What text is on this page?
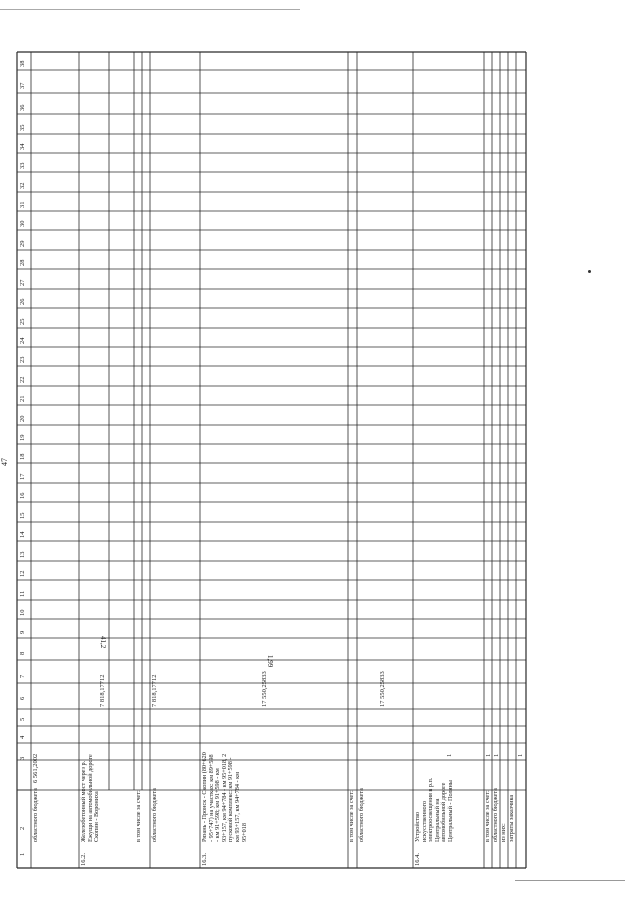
47
1
2
3
4
5
6
7
8
9
10
11
12
13
14
15
16
17
18
19
20
21
22
23
24
25
26
27
28
29
30
31
32
33
34
35
36
37
38
областного бюджета
6 561,2002
16.2.
Железобетонный мост через р. Ежущи на автомобильной дороге Скопин - Ворониха
7 818,17712
41,2
в том числе за счет: областного бюджета
7 818,17712
16.3.
Рязань - Пронск - Скопин (80+620 - 95+747) на участках: км 89+598 - км 91+598; км 91+598 - км 93+157, км 94+784 - км 95+018, 2 пусковой комплекс: км 91+598 - км 93+157, км 94+784 - км 95+018
17 550,25833
1,99
в том числе за счет: областного бюджета
17 550,25833
16.4.
Устройство искусственного электроосвещения в р.п. Центральный на автомобильной дороге Центральный - Поляны
1
в том числе за счет:
1
областного бюджета
1
из них: затраты заказчика
1
